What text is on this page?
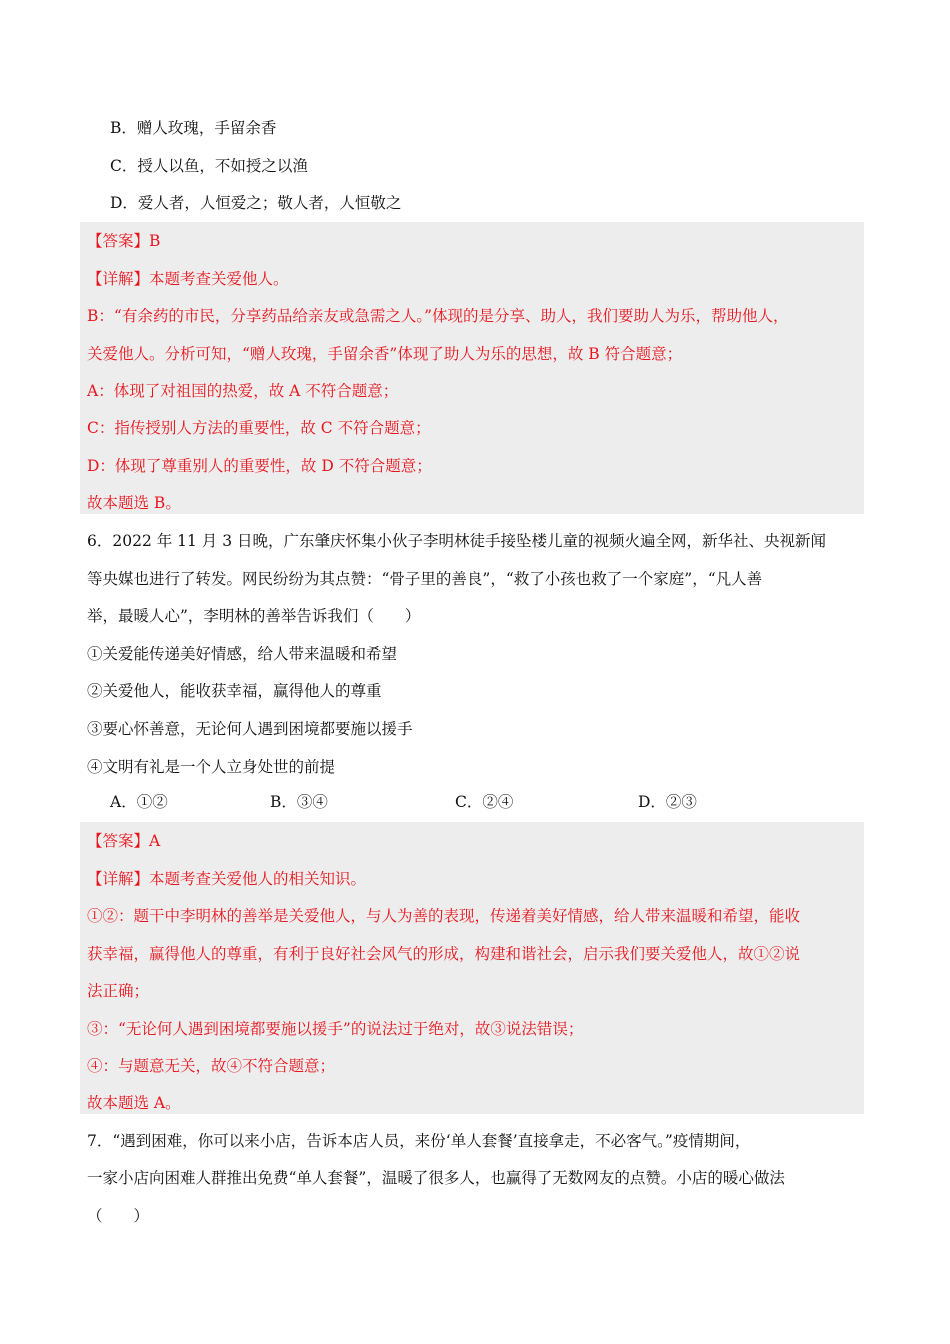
B．赠人玫瑰，手留余香
C．授人以鱼，不如授之以渔
D．爱人者，人恒爱之；敬人者，人恒敬之
【答案】B
【详解】本题考查关爱他人。
B：“有余药的市民，分享药品给亲友或急需之人。”体现的是分享、助人，我们要助人为乐，帮助他人，
关爱他人。分析可知，“赠人玫瑰，手留余香”体现了助人为乐的思想，故 B 符合题意；
A：体现了对祖国的热爱，故 A 不符合题意；
C：指传授别人方法的重要性，故 C 不符合题意；
D：体现了尊重别人的重要性，故 D 不符合题意；
故本题选 B。
6．2022 年 11 月 3 日晚，广东肇庆怀集小伙子李明林徒手接坠楼儿童的视频火遍全网，新华社、央视新闻
等央媒也进行了转发。网民纷纷为其点赞：“骨子里的善良”，“救了小孩也救了一个家庭”，“凡人善
举，最暖人心”，李明林的善举告诉我们（　　）
①关爱能传递美好情感，给人带来温暖和希望
②关爱他人，能收获幸福，赢得他人的尊重
③要心怀善意，无论何人遇到困境都要施以援手
④文明有礼是一个人立身处世的前提
A．①②	B．③④	C．②④	D．②③
【答案】A
【详解】本题考查关爱他人的相关知识。
①②：题干中李明林的善举是关爱他人，与人为善的表现，传递着美好情感，给人带来温暖和希望，能收
获幸福，赢得他人的尊重，有利于良好社会风气的形成，构建和谐社会，启示我们要关爱他人，故①②说
法正确；
③：“无论何人遇到困境都要施以援手”的说法过于绝对，故③说法错误；
④：与题意无关，故④不符合题意；
故本题选 A。
7．“遇到困难，你可以来小店，告诉本店人员，来份‘单人套餐’直接拿走，不必客气。”疫情期间，
一家小店向困难人群推出免费“单人套餐”，温暖了很多人，也赢得了无数网友的点赞。小店的暖心做法
（　　）
